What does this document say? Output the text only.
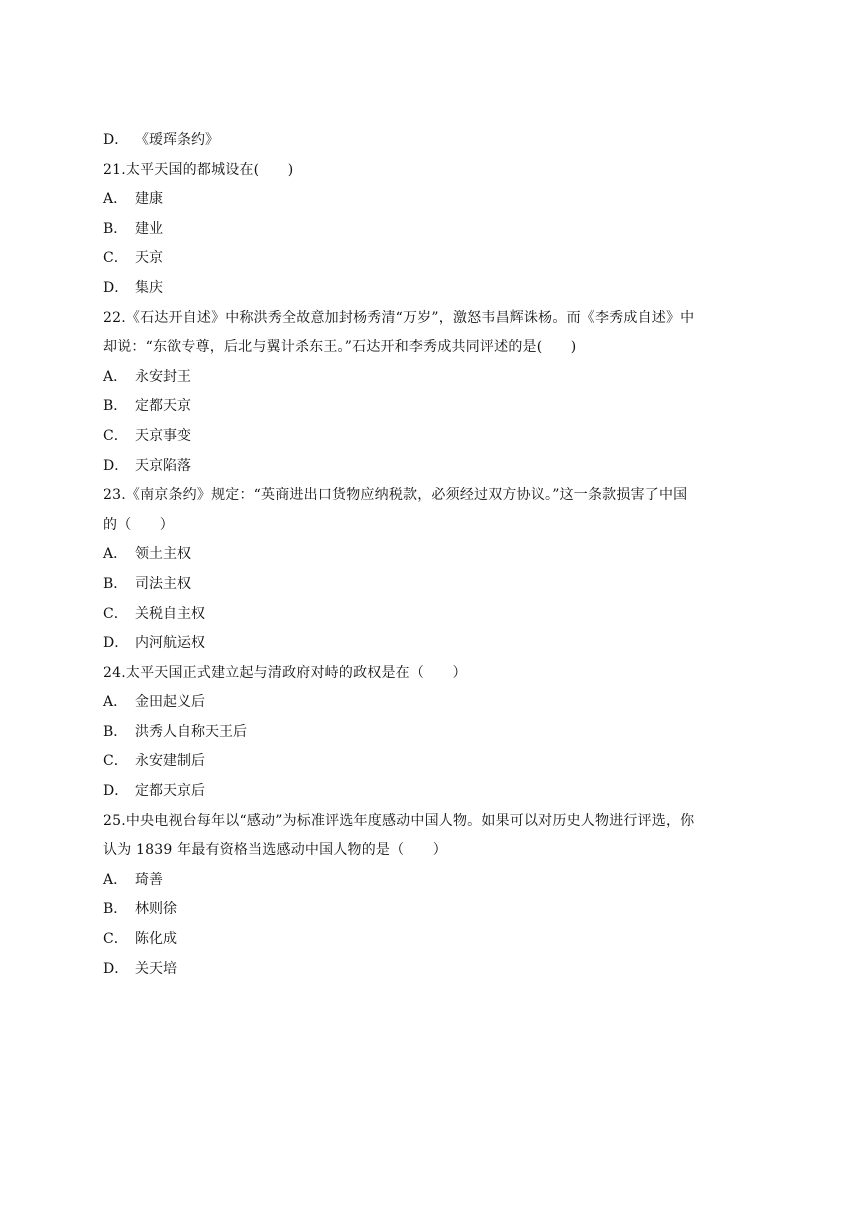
D． 《瑷珲条约》
21.太平天国的都城设在(　　)
A． 建康
B． 建业
C． 天京
D． 集庆
22.《石达开自述》中称洪秀全故意加封杨秀清“万岁”，激怒韦昌辉诛杨。而《李秀成自述》中
却说：“东欲专尊，后北与翼计杀东王。”石达开和李秀成共同评述的是(　　)
A． 永安封王
B． 定都天京
C． 天京事变
D． 天京陷落
23.《南京条约》规定：“英商进出口货物应纳税款，必须经过双方协议。”这一条款损害了中国
的（　　）
A． 领土主权
B． 司法主权
C． 关税自主权
D． 内河航运权
24.太平天国正式建立起与清政府对峙的政权是在（　　）
A． 金田起义后
B． 洪秀人自称天王后
C． 永安建制后
D． 定都天京后
25.中央电视台每年以“感动”为标准评选年度感动中国人物。如果可以对历史人物进行评选，你
认为 1839 年最有资格当选感动中国人物的是（　　）
A． 琦善
B． 林则徐
C． 陈化成
D． 关天培
